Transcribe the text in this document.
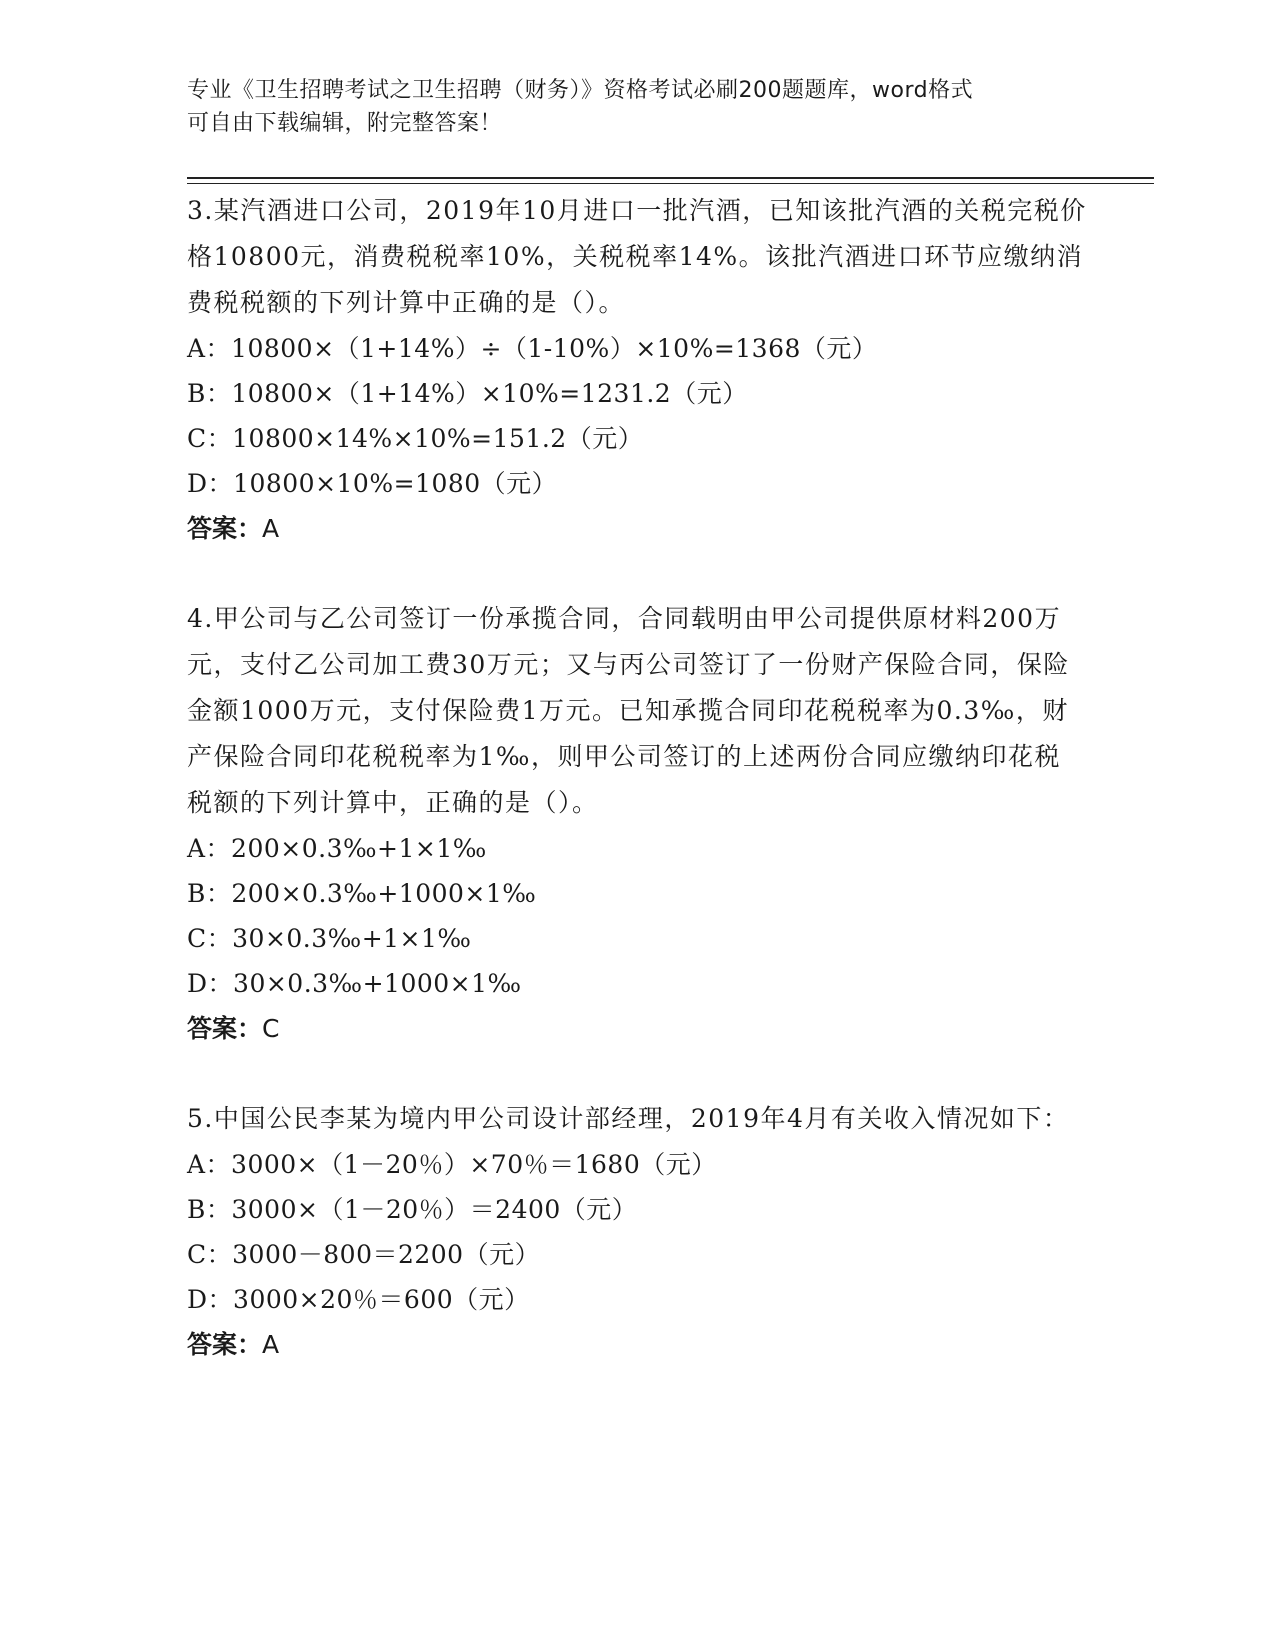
专业《卫生招聘考试之卫生招聘（财务）》资格考试必刷200题题库，word格式
可自由下载编辑，附完整答案！

3.某汽酒进口公司，2019年10月进口一批汽酒，已知该批汽酒的关税完税价格10800元，消费税税率10%，关税税率14%。该批汽酒进口环节应缴纳消费税税额的下列计算中正确的是（）。

A：10800×（1+14%）÷（1-10%）×10%=1368（元）

B：10800×（1+14%）×10%=1231.2（元）

C：10800×14%×10%=151.2（元）

D：10800×10%=1080（元）

答案：A

4.甲公司与乙公司签订一份承揽合同，合同载明由甲公司提供原材料200万元，支付乙公司加工费30万元；又与丙公司签订了一份财产保险合同，保险金额1000万元，支付保险费1万元。已知承揽合同印花税税率为0.3‰，财产保险合同印花税税率为1‰，则甲公司签订的上述两份合同应缴纳印花税税额的下列计算中，正确的是（）。

A：200×0.3‰+1×1‰

B：200×0.3‰+1000×1‰

C：30×0.3‰+1×1‰

D：30×0.3‰+1000×1‰

答案：C

5.中国公民李某为境内甲公司设计部经理，2019年4月有关收入情况如下：

A：3000×（1－20％）×70％＝1680（元）

B：3000×（1－20％）＝2400（元）

C：3000－800＝2200（元）

D：3000×20％＝600（元）

答案：A
